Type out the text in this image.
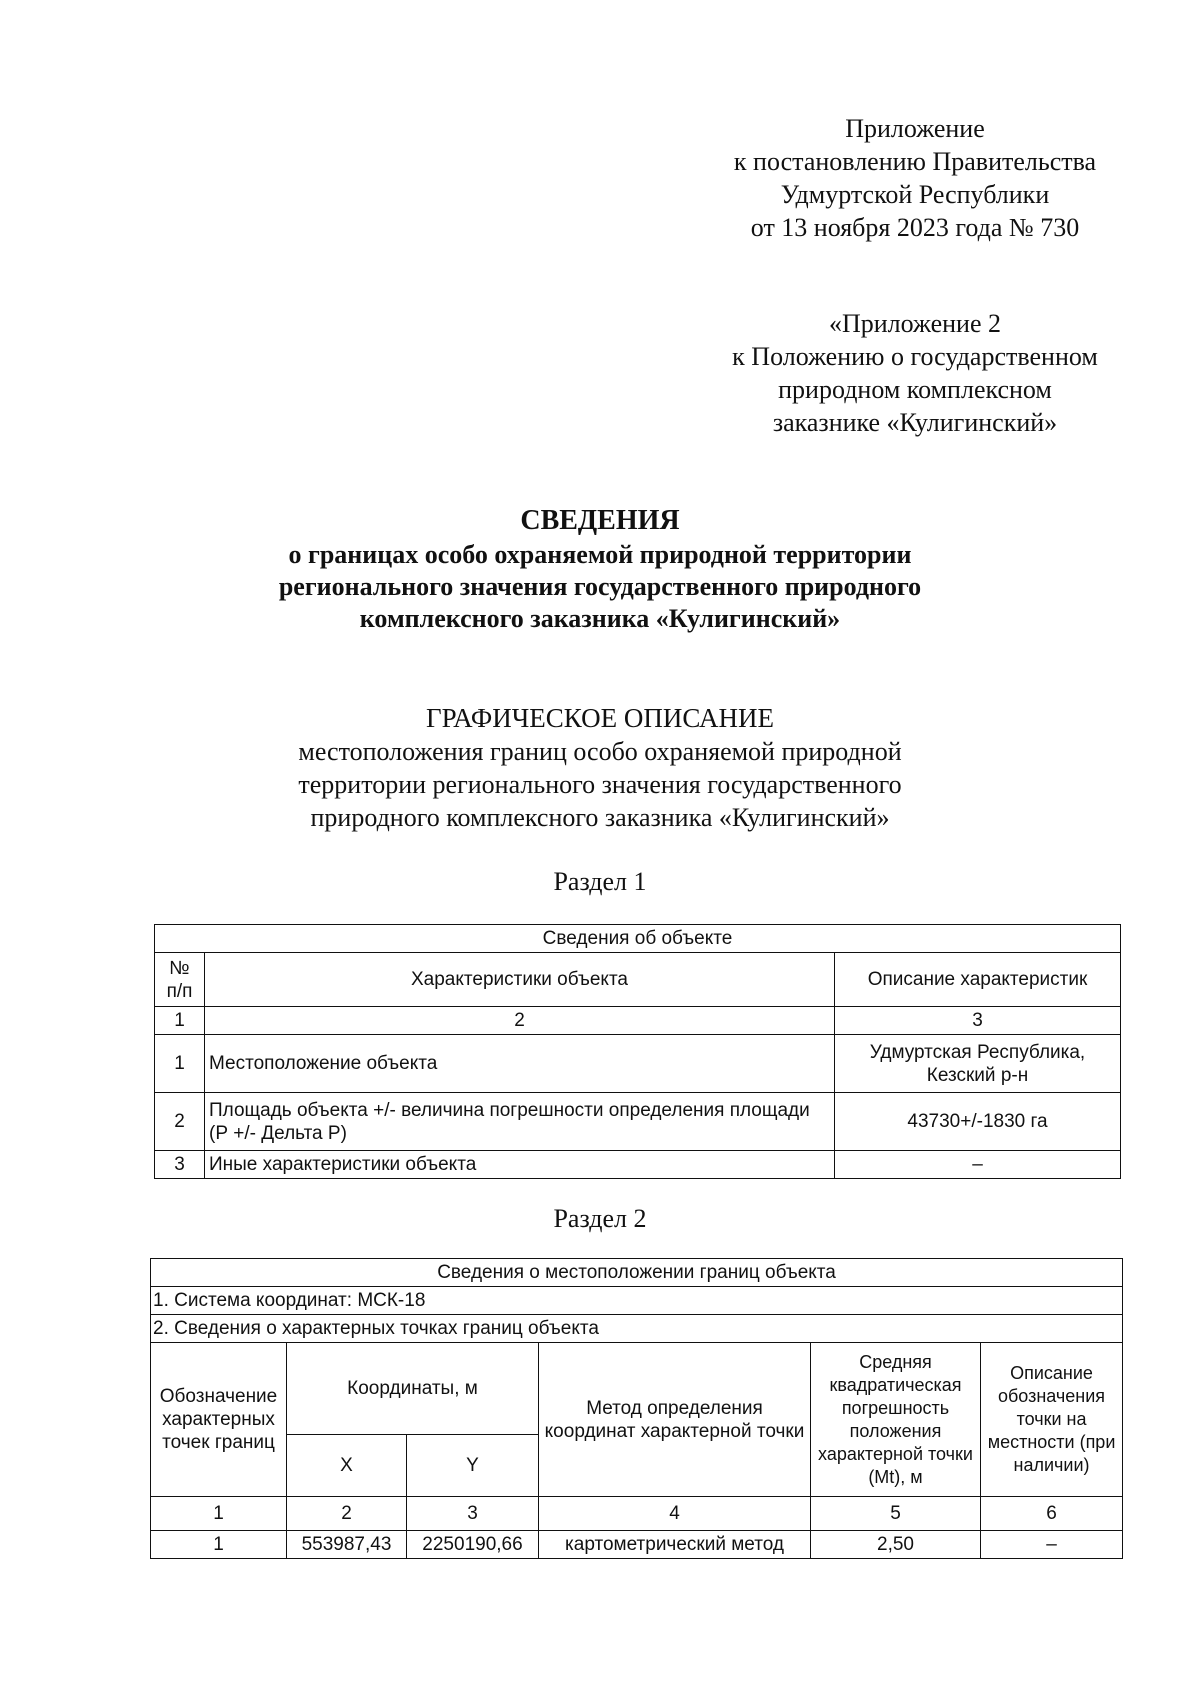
Приложение
к постановлению Правительства
Удмуртской Республики
от 13 ноября 2023 года № 730
«Приложение 2
к Положению о государственном
природном комплексном
заказнике «Кулигинский»
СВЕДЕНИЯ
о границах особо охраняемой природной территории
регионального значения государственного природного
комплексного заказника «Кулигинский»
ГРАФИЧЕСКОЕ ОПИСАНИЕ
местоположения границ особо охраняемой природной
территории регионального значения государственного
природного комплексного заказника «Кулигинский»
Раздел 1
Сведения об объекте		
№ п/п	Характеристики объекта	Описание характеристик
1	2	3
1	Местоположение объекта	Удмуртская Республика, Кезский р-н
2	Площадь объекта +/- величина погрешности определения площади (Р +/- Дельта Р)	43730+/-1830 га
3	Иные характеристики объекта	–
Раздел 2
Сведения о местоположении границ объекта					
1. Система координат: МСК-18					
2. Сведения о характерных точках границ объекта					
Обозначение характерных точек границ	Координаты, м		Метод определения координат характерной точки	Средняя квадратическая погрешность положения характерной точки (Mt), м	Описание обозначения точки на местности (при наличии)
	X	Y			
1	2	3	4	5	6
1	553987,43	2250190,66	картометрический метод	2,50	–
